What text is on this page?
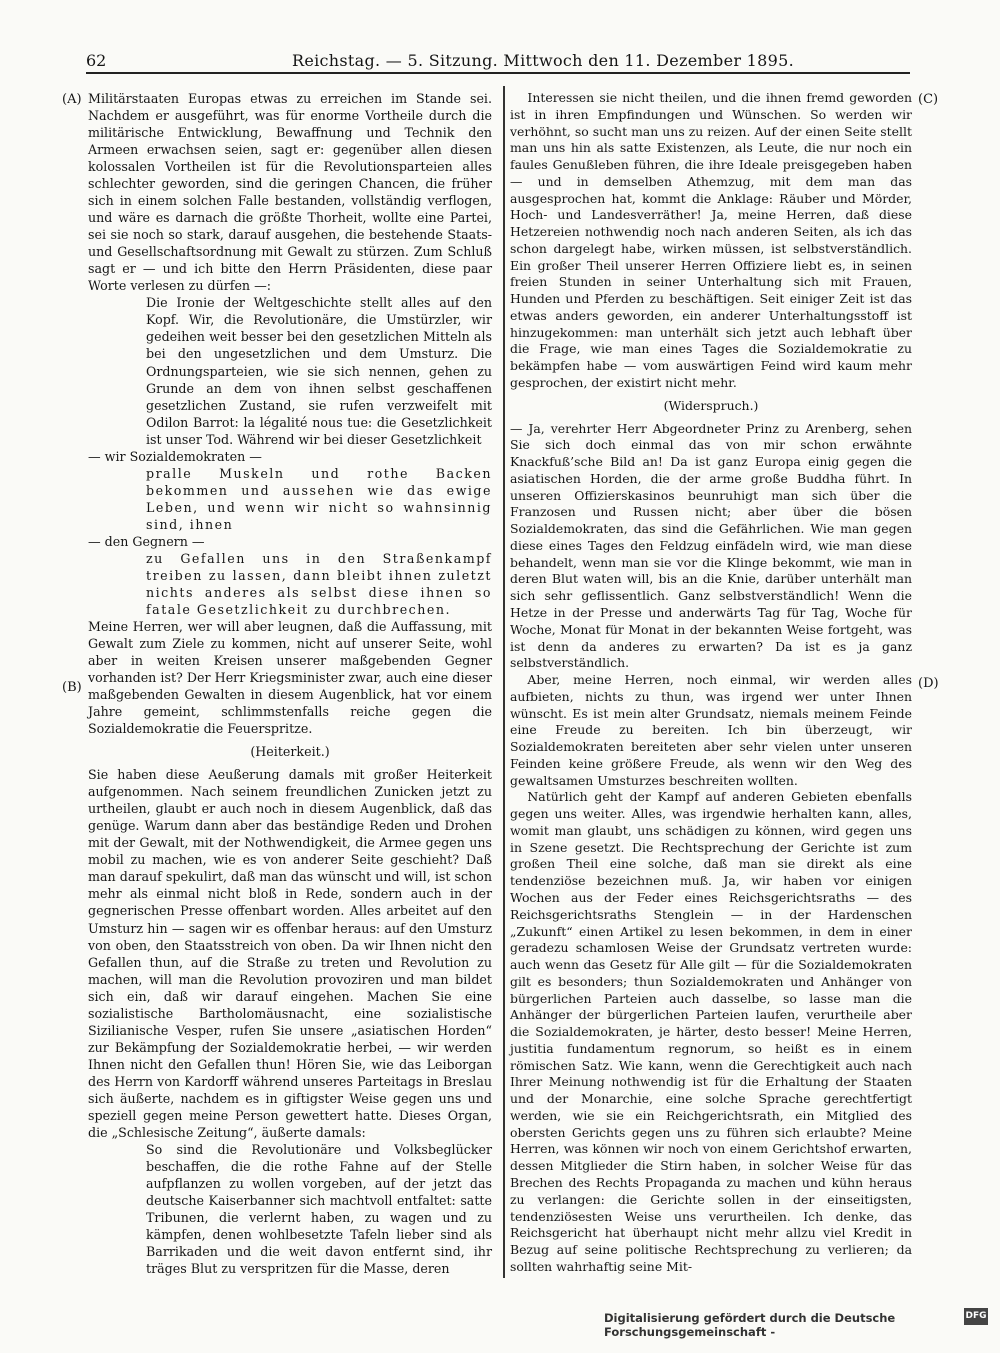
62	Reichstag. — 5. Sitzung. Mittwoch den 11. Dezember 1895.
(A)
(B)
(C)
(D)

Militärstaaten Europas etwas zu erreichen im Stande sei. Nachdem er ausgeführt, was für enorme Vortheile durch die militärische Entwicklung, Bewaffnung und Technik den Armeen erwachsen seien, sagt er: gegenüber allen diesen kolossalen Vortheilen ist für die Revolutionsparteien alles schlechter geworden, sind die geringen Chancen, die früher sich in einem solchen Falle bestanden, vollständig verflogen, und wäre es darnach die größte Thorheit, wollte eine Partei, sei sie noch so stark, darauf ausgehen, die bestehende Staats- und Gesellschaftsordnung mit Gewalt zu stürzen. Zum Schluß sagt er — und ich bitte den Herrn Präsidenten, diese paar Worte verlesen zu dürfen —:

Die Ironie der Weltgeschichte stellt alles auf den Kopf. Wir, die Revolutionäre, die Umstürzler, wir gedeihen weit besser bei den gesetzlichen Mitteln als bei den ungesetzlichen und dem Umsturz. Die Ordnungsparteien, wie sie sich nennen, gehen zu Grunde an dem von ihnen selbst geschaffenen gesetzlichen Zustand, sie rufen verzweifelt mit Odilon Barrot: la légalité nous tue: die Gesetzlichkeit ist unser Tod. Während wir bei dieser Gesetzlichkeit

— wir Sozialdemokraten —

pralle Muskeln und rothe Backen bekommen und aussehen wie das ewige Leben, und wenn wir nicht so wahnsinnig sind, ihnen

— den Gegnern —

zu Gefallen uns in den Straßenkampf treiben zu lassen, dann bleibt ihnen zuletzt nichts anderes als selbst diese ihnen so fatale Gesetzlichkeit zu durchbrechen.

Meine Herren, wer will aber leugnen, daß die Auffassung, mit Gewalt zum Ziele zu kommen, nicht auf unserer Seite, wohl aber in weiten Kreisen unserer maßgebenden Gegner vorhanden ist? Der Herr Kriegsminister zwar, auch eine dieser maßgebenden Gewalten in diesem Augenblick, hat vor einem Jahre gemeint, schlimmstenfalls reiche gegen die Sozialdemokratie die Feuerspritze.

(Heiterkeit.)

Sie haben diese Aeußerung damals mit großer Heiterkeit aufgenommen. Nach seinem freundlichen Zunicken jetzt zu urtheilen, glaubt er auch noch in diesem Augenblick, daß das genüge. Warum dann aber das beständige Reden und Drohen mit der Gewalt, mit der Nothwendigkeit, die Armee gegen uns mobil zu machen, wie es von anderer Seite geschieht? Daß man darauf spekulirt, daß man das wünscht und will, ist schon mehr als einmal nicht bloß in Rede, sondern auch in der gegnerischen Presse offenbart worden. Alles arbeitet auf den Umsturz hin — sagen wir es offenbar heraus: auf den Umsturz von oben, den Staatsstreich von oben. Da wir Ihnen nicht den Gefallen thun, auf die Straße zu treten und Revolution zu machen, will man die Revolution provoziren und man bildet sich ein, daß wir darauf eingehen. Machen Sie eine sozialistische Bartholomäusnacht, eine sozialistische Sizilianische Vesper, rufen Sie unsere „asiatischen Horden“ zur Bekämpfung der Sozialdemokratie herbei, — wir werden Ihnen nicht den Gefallen thun! Hören Sie, wie das Leiborgan des Herrn von Kardorff während unseres Parteitags in Breslau sich äußerte, nachdem es in giftigster Weise gegen uns und speziell gegen meine Person gewettert hatte. Dieses Organ, die „Schlesische Zeitung“, äußerte damals:

So sind die Revolutionäre und Volksbeglücker beschaffen, die die rothe Fahne auf der Stelle aufpflanzen zu wollen vorgeben, auf der jetzt das deutsche Kaiserbanner sich machtvoll entfaltet: satte Tribunen, die verlernt haben, zu wagen und zu kämpfen, denen wohlbesetzte Tafeln lieber sind als Barrikaden und die weit davon entfernt sind, ihr träges Blut zu verspritzen für die Masse, deren

Interessen sie nicht theilen, und die ihnen fremd geworden ist in ihren Empfindungen und Wünschen. So werden wir verhöhnt, so sucht man uns zu reizen. Auf der einen Seite stellt man uns hin als satte Existenzen, als Leute, die nur noch ein faules Genußleben führen, die ihre Ideale preisgegeben haben — und in demselben Athemzug, mit dem man das ausgesprochen hat, kommt die Anklage: Räuber und Mörder, Hoch- und Landesverräther! Ja, meine Herren, daß diese Hetzereien nothwendig noch nach anderen Seiten, als ich das schon dargelegt habe, wirken müssen, ist selbstverständlich. Ein großer Theil unserer Herren Offiziere liebt es, in seinen freien Stunden in seiner Unterhaltung sich mit Frauen, Hunden und Pferden zu beschäftigen. Seit einiger Zeit ist das etwas anders geworden, ein anderer Unterhaltungsstoff ist hinzugekommen: man unterhält sich jetzt auch lebhaft über die Frage, wie man eines Tages die Sozialdemokratie zu bekämpfen habe — vom auswärtigen Feind wird kaum mehr gesprochen, der existirt nicht mehr.

(Widerspruch.)

— Ja, verehrter Herr Abgeordneter Prinz zu Arenberg, sehen Sie sich doch einmal das von mir schon erwähnte Knackfuß’sche Bild an! Da ist ganz Europa einig gegen die asiatischen Horden, die der arme große Buddha führt. In unseren Offizierskasinos beunruhigt man sich über die Franzosen und Russen nicht; aber über die bösen Sozialdemokraten, das sind die Gefährlichen. Wie man gegen diese eines Tages den Feldzug einfädeln wird, wie man diese behandelt, wenn man sie vor die Klinge bekommt, wie man in deren Blut waten will, bis an die Knie, darüber unterhält man sich sehr geflissentlich. Ganz selbstverständlich! Wenn die Hetze in der Presse und anderwärts Tag für Tag, Woche für Woche, Monat für Monat in der bekannten Weise fortgeht, was ist denn da anderes zu erwarten? Da ist es ja ganz selbstverständlich.

Aber, meine Herren, noch einmal, wir werden alles aufbieten, nichts zu thun, was irgend wer unter Ihnen wünscht. Es ist mein alter Grundsatz, niemals meinem Feinde eine Freude zu bereiten. Ich bin überzeugt, wir Sozialdemokraten bereiteten aber sehr vielen unter unseren Feinden keine größere Freude, als wenn wir den Weg des gewaltsamen Umsturzes beschreiten wollten.

Natürlich geht der Kampf auf anderen Gebieten ebenfalls gegen uns weiter. Alles, was irgendwie herhalten kann, alles, womit man glaubt, uns schädigen zu können, wird gegen uns in Szene gesetzt. Die Rechtsprechung der Gerichte ist zum großen Theil eine solche, daß man sie direkt als eine tendenziöse bezeichnen muß. Ja, wir haben vor einigen Wochen aus der Feder eines Reichsgerichtsraths — des Reichsgerichtsraths Stenglein — in der Hardenschen „Zukunft“ einen Artikel zu lesen bekommen, in dem in einer geradezu schamlosen Weise der Grundsatz vertreten wurde: auch wenn das Gesetz für Alle gilt — für die Sozialdemokraten gilt es besonders; thun Sozialdemokraten und Anhänger von bürgerlichen Parteien auch dasselbe, so lasse man die Anhänger der bürgerlichen Parteien laufen, verurtheile aber die Sozialdemokraten, je härter, desto besser! Meine Herren, justitia fundamentum regnorum, so heißt es in einem römischen Satz. Wie kann, wenn die Gerechtigkeit auch nach Ihrer Meinung nothwendig ist für die Erhaltung der Staaten und der Monarchie, eine solche Sprache gerechtfertigt werden, wie sie ein Reichgerichtsrath, ein Mitglied des obersten Gerichts gegen uns zu führen sich erlaubte? Meine Herren, was können wir noch von einem Gerichtshof erwarten, dessen Mitglieder die Stirn haben, in solcher Weise für das Brechen des Rechts Propaganda zu machen und kühn heraus zu verlangen: die Gerichte sollen in der einseitigsten, tendenziösesten Weise uns verurtheilen. Ich denke, das Reichsgericht hat überhaupt nicht mehr allzu viel Kredit in Bezug auf seine politische Rechtsprechung zu verlieren; da sollten wahrhaftig seine Mit-

Digitalisierung gefördert durch die Deutsche Forschungsgemeinschaft -
DFG
